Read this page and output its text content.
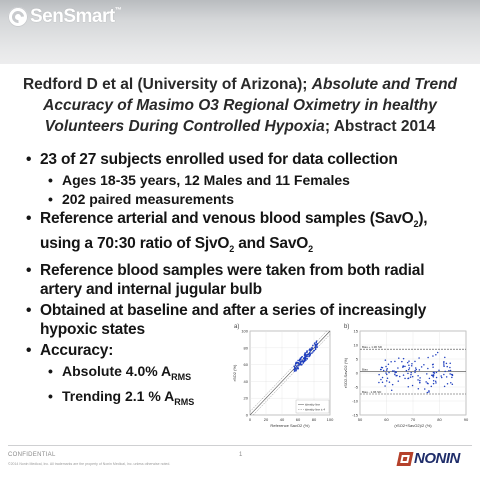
SenSmart ™
Redford D et al (University of Arizona); Absolute and Trend Accuracy of Masimo O3 Regional Oximetry in healthy Volunteers During Controlled Hypoxia; Abstract 2014
• 23 of 27 subjects enrolled used for data collection
• Ages 18-35 years, 12 Males and 11 Females
• 202 paired measurements
• Reference arterial and venous blood samples (SavO$_2$), using a 70:30 ratio of SjvO$_2$ and SavO$_2$
• Reference blood samples were taken from both radial artery and internal jugular bulb
• Obtained at baseline and after a series of increasingly hypoxic states
• Accuracy:
• Absolute 4.0% $A_{RMS}$
• Trending 2.1 % $A_{RMS}$
a)
0	20	40	60	80	100
0
20
40
60
80
100
identity line
identity line ± 4
Reference SavO2 (%)
rSO2 (%)
b)
50	60	70	80	90
-15
-10
-5
0
5
10
15
Bias + 1.96 SD
Bias
Bias - 1.96 SD
(rSO2+SavO2)/2 (%)
rSO2-SavO2 (%)
CONFIDENTIAL	1
©2014 Nonin Medical, Inc. All trademarks are the property of Nonin Medical, Inc. unless otherwise noted.	NONIN
